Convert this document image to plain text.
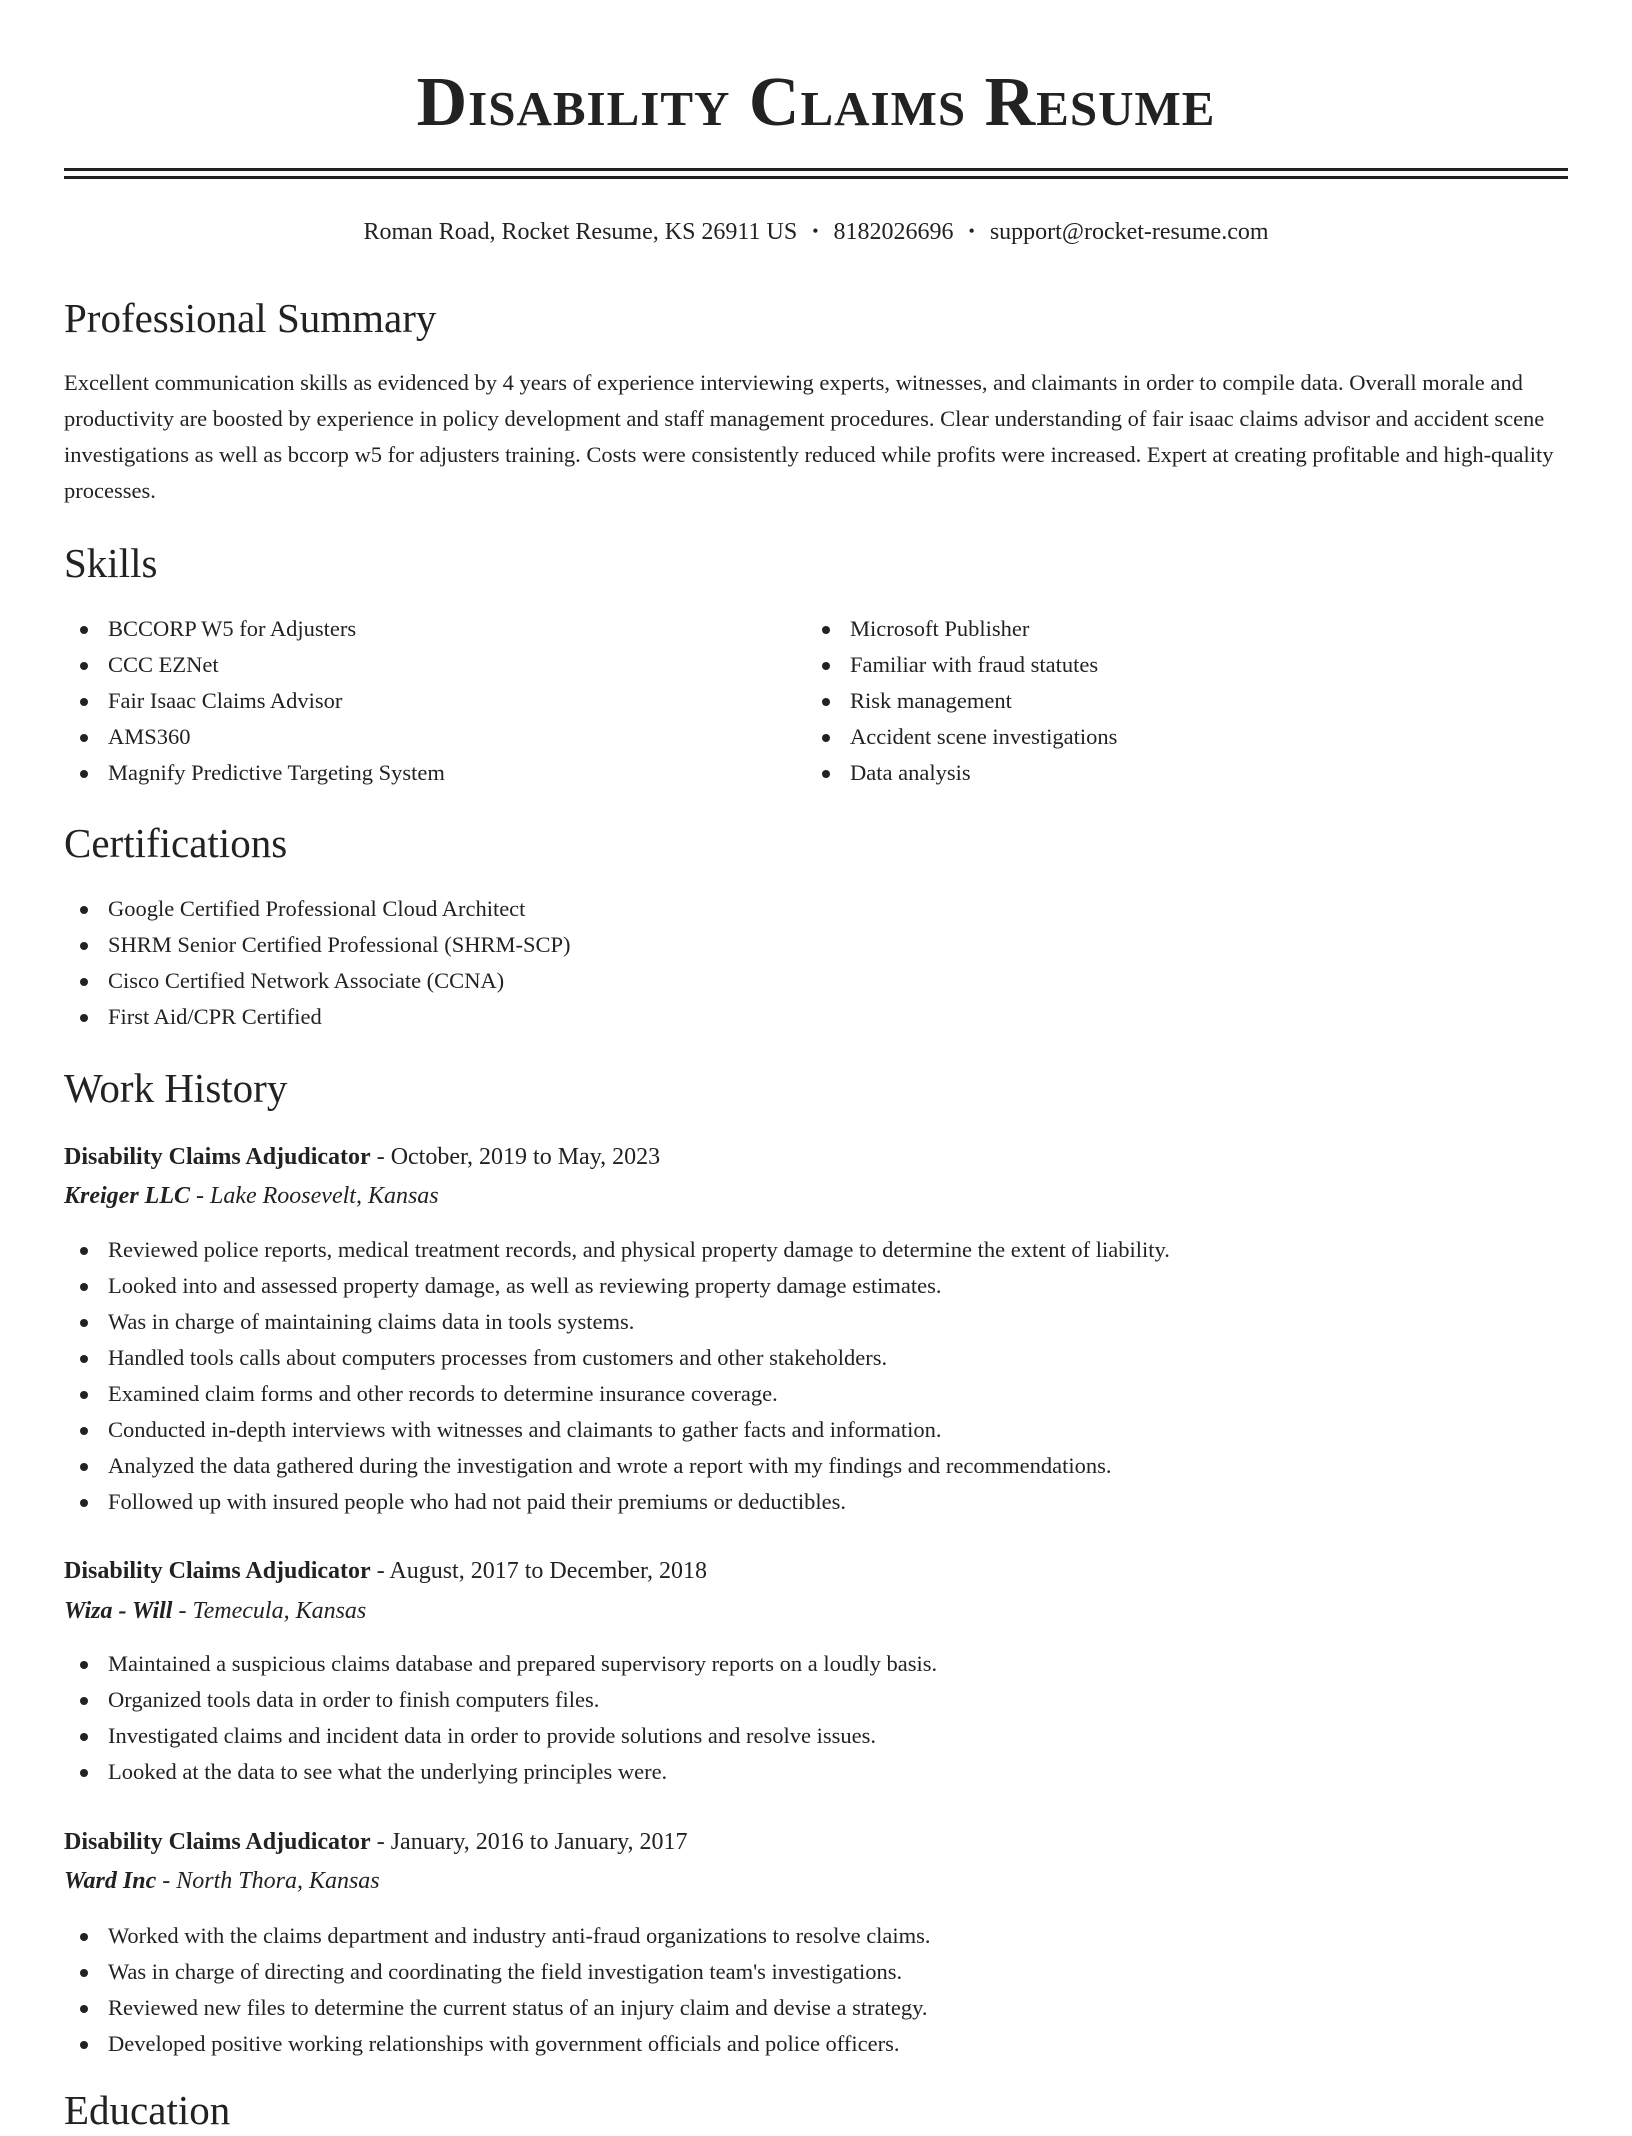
Disability Claims Resume
Roman Road, Rocket Resume, KS 26911 US • 8182026696 • support@rocket-resume.com
Professional Summary

Excellent communication skills as evidenced by 4 years of experience interviewing experts, witnesses, and claimants in order to compile data. Overall morale and productivity are boosted by experience in policy development and staff management procedures. Clear understanding of fair isaac claims advisor and accident scene investigations as well as bccorp w5 for adjusters training. Costs were consistently reduced while profits were increased. Expert at creating profitable and high-quality processes.

Skills
BCCORP W5 for Adjusters
CCC EZNet
Fair Isaac Claims Advisor
AMS360
Magnify Predictive Targeting System
Microsoft Publisher
Familiar with fraud statutes
Risk management
Accident scene investigations
Data analysis
Certifications
Google Certified Professional Cloud Architect
SHRM Senior Certified Professional (SHRM-SCP)
Cisco Certified Network Associate (CCNA)
First Aid/CPR Certified
Work History
Disability Claims Adjudicator - October, 2019 to May, 2023
Kreiger LLC - Lake Roosevelt, Kansas
Reviewed police reports, medical treatment records, and physical property damage to determine the extent of liability.
Looked into and assessed property damage, as well as reviewing property damage estimates.
Was in charge of maintaining claims data in tools systems.
Handled tools calls about computers processes from customers and other stakeholders.
Examined claim forms and other records to determine insurance coverage.
Conducted in-depth interviews with witnesses and claimants to gather facts and information.
Analyzed the data gathered during the investigation and wrote a report with my findings and recommendations.
Followed up with insured people who had not paid their premiums or deductibles.
Disability Claims Adjudicator - August, 2017 to December, 2018
Wiza - Will - Temecula, Kansas
Maintained a suspicious claims database and prepared supervisory reports on a loudly basis.
Organized tools data in order to finish computers files.
Investigated claims and incident data in order to provide solutions and resolve issues.
Looked at the data to see what the underlying principles were.
Disability Claims Adjudicator - January, 2016 to January, 2017
Ward Inc - North Thora, Kansas
Worked with the claims department and industry anti-fraud organizations to resolve claims.
Was in charge of directing and coordinating the field investigation team's investigations.
Reviewed new files to determine the current status of an injury claim and devise a strategy.
Developed positive working relationships with government officials and police officers.
Education
